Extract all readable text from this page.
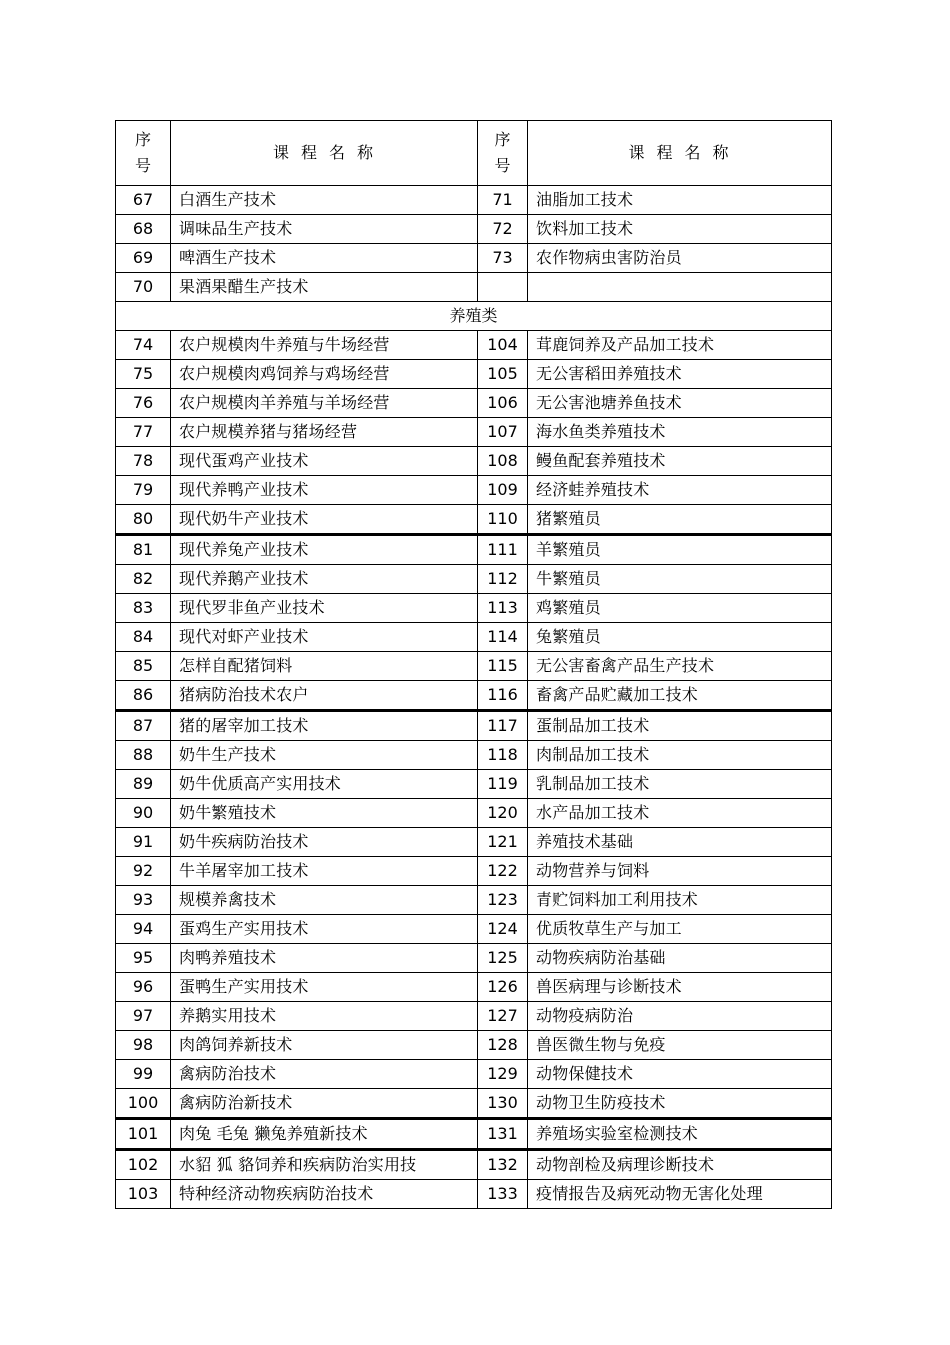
序号	课程名称	序号	课程名称
67	白酒生产技术	71	油脂加工技术
68	调味品生产技术	72	饮料加工技术
69	啤酒生产技术	73	农作物病虫害防治员
70	果酒果醋生产技术		
养殖类			
74	农户规模肉牛养殖与牛场经营	104	茸鹿饲养及产品加工技术
75	农户规模肉鸡饲养与鸡场经营	105	无公害稻田养殖技术
76	农户规模肉羊养殖与羊场经营	106	无公害池塘养鱼技术
77	农户规模养猪与猪场经营	107	海水鱼类养殖技术
78	现代蛋鸡产业技术	108	鳗鱼配套养殖技术
79	现代养鸭产业技术	109	经济蛙养殖技术
80	现代奶牛产业技术	110	猪繁殖员
81	现代养兔产业技术	111	羊繁殖员
82	现代养鹅产业技术	112	牛繁殖员
83	现代罗非鱼产业技术	113	鸡繁殖员
84	现代对虾产业技术	114	兔繁殖员
85	怎样自配猪饲料	115	无公害畜禽产品生产技术
86	猪病防治技术农户	116	畜禽产品贮藏加工技术
87	猪的屠宰加工技术	117	蛋制品加工技术
88	奶牛生产技术	118	肉制品加工技术
89	奶牛优质高产实用技术	119	乳制品加工技术
90	奶牛繁殖技术	120	水产品加工技术
91	奶牛疾病防治技术	121	养殖技术基础
92	牛羊屠宰加工技术	122	动物营养与饲料
93	规模养禽技术	123	青贮饲料加工利用技术
94	蛋鸡生产实用技术	124	优质牧草生产与加工
95	肉鸭养殖技术	125	动物疾病防治基础
96	蛋鸭生产实用技术	126	兽医病理与诊断技术
97	养鹅实用技术	127	动物疫病防治
98	肉鸽饲养新技术	128	兽医微生物与免疫
99	禽病防治技术	129	动物保健技术
100	禽病防治新技术	130	动物卫生防疫技术
101	肉兔 毛兔 獭兔养殖新技术	131	养殖场实验室检测技术
102	水貂 狐 貉饲养和疾病防治实用技	132	动物剖检及病理诊断技术
103	特种经济动物疾病防治技术	133	疫情报告及病死动物无害化处理
